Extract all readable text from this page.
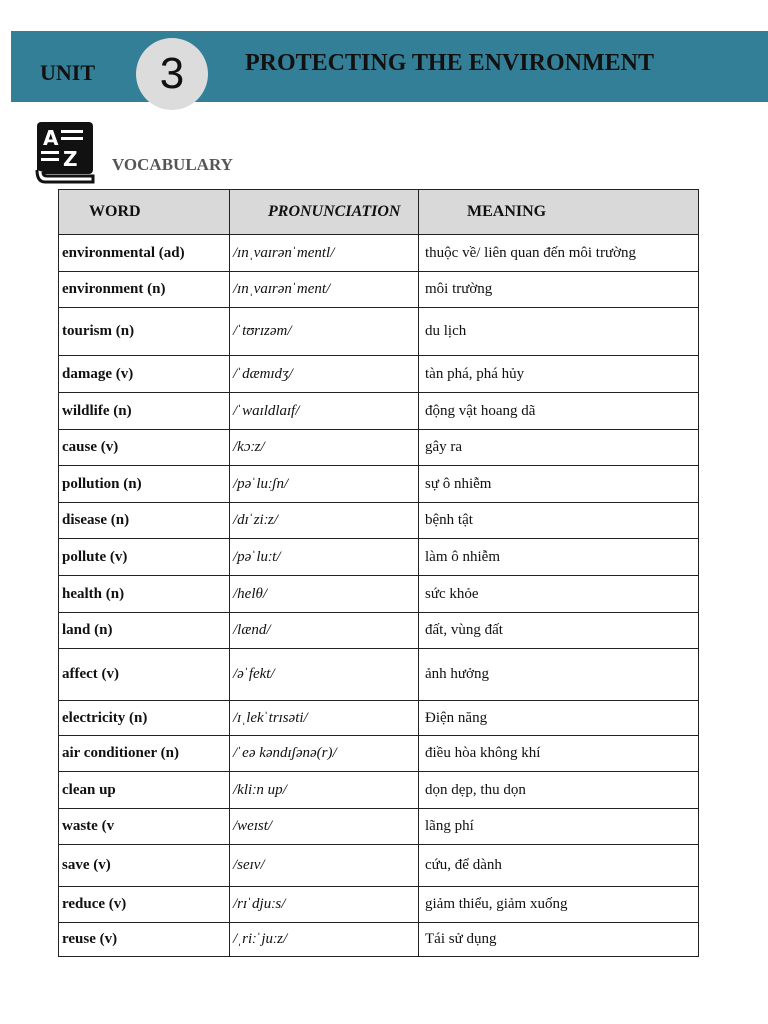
UNIT	3	PROTECTING THE ENVIRONMENT
A
Z VOCABULARY
WORD	PRONUNCIATION	MEANING
environmental (ad)	/ɪnˌvaɪrənˈmentl/	thuộc về/ liên quan đến môi trường
environment (n)	/ɪnˌvaɪrənˈment/	môi trường
tourism (n)	/ˈtʊrɪzəm/	du lịch
damage (v)	/ˈdæmɪdʒ/	tàn phá, phá hủy
wildlife (n)	/ˈwaɪldlaɪf/	động vật hoang dã
cause (v)	/kɔːz/	gây ra
pollution (n)	/pəˈluːʃn/	sự ô nhiễm
disease (n)	/dɪˈziːz/	bệnh tật
pollute (v)	/pəˈluːt/	làm ô nhiễm
health (n)	/helθ/	sức khỏe
land (n)	/lænd/	đất, vùng đất
affect (v)	/əˈfekt/	ảnh hưởng
electricity (n)	/ɪˌlekˈtrɪsəti/	Điện năng
air conditioner (n)	/ˈeə kəndɪʃənə(r)/	điều hòa không khí
clean up	/kliːn up/	dọn dẹp, thu dọn
waste (v	/weɪst/	lãng phí
save (v)	/seɪv/	cứu, để dành
reduce (v)	/rɪˈdjuːs/	giảm thiểu, giảm xuống
reuse (v)	/ˌriːˈjuːz/	Tái sử dụng
